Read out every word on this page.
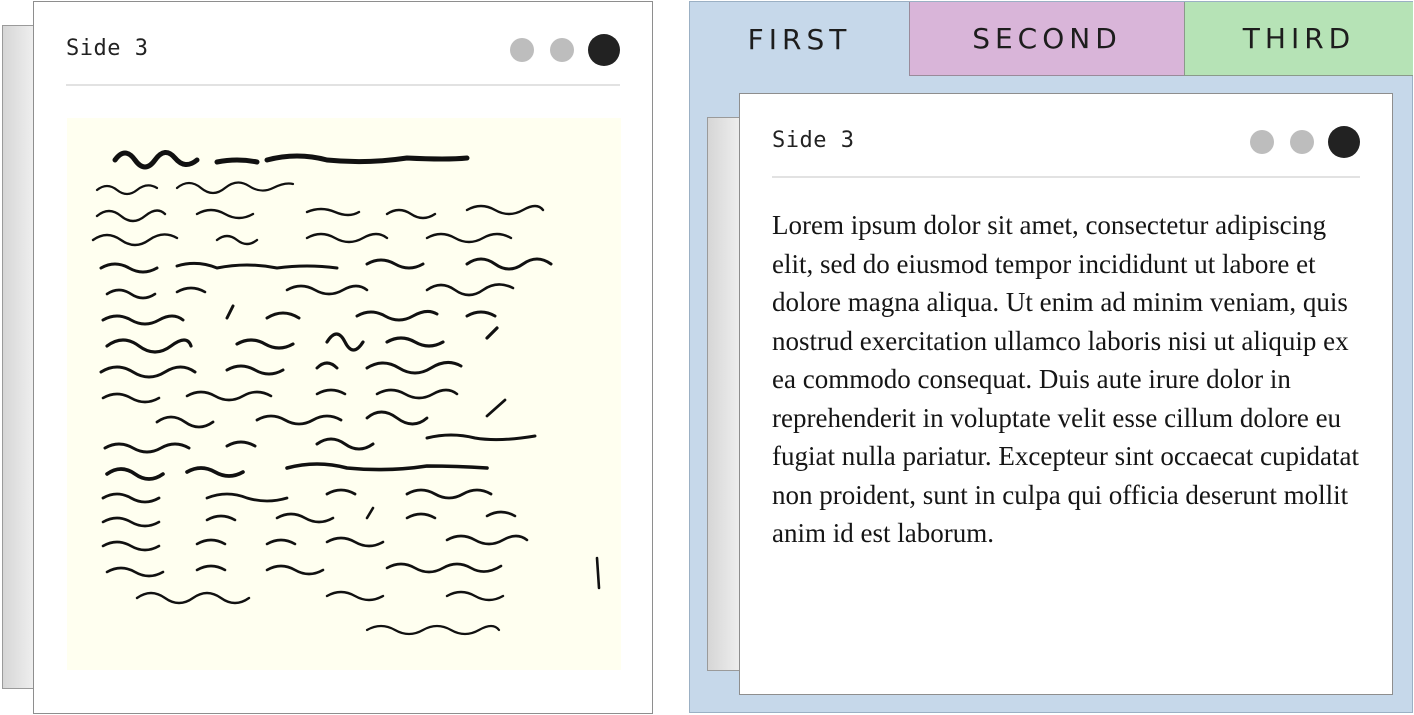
Side 3	FIRST	SECOND	THIRD
Side 3
Lorem ipsum dolor sit amet, consectetur adipiscing elit, sed do eiusmod tempor incididunt ut labore et dolore magna aliqua. Ut enim ad minim veniam, quis nostrud exercitation ullamco laboris nisi ut aliquip ex ea commodo consequat. Duis aute irure dolor in reprehenderit in voluptate velit esse cillum dolore eu fugiat nulla pariatur. Excepteur sint occaecat cupidatat non proident, sunt in culpa qui officia deserunt mollit anim id est laborum.
